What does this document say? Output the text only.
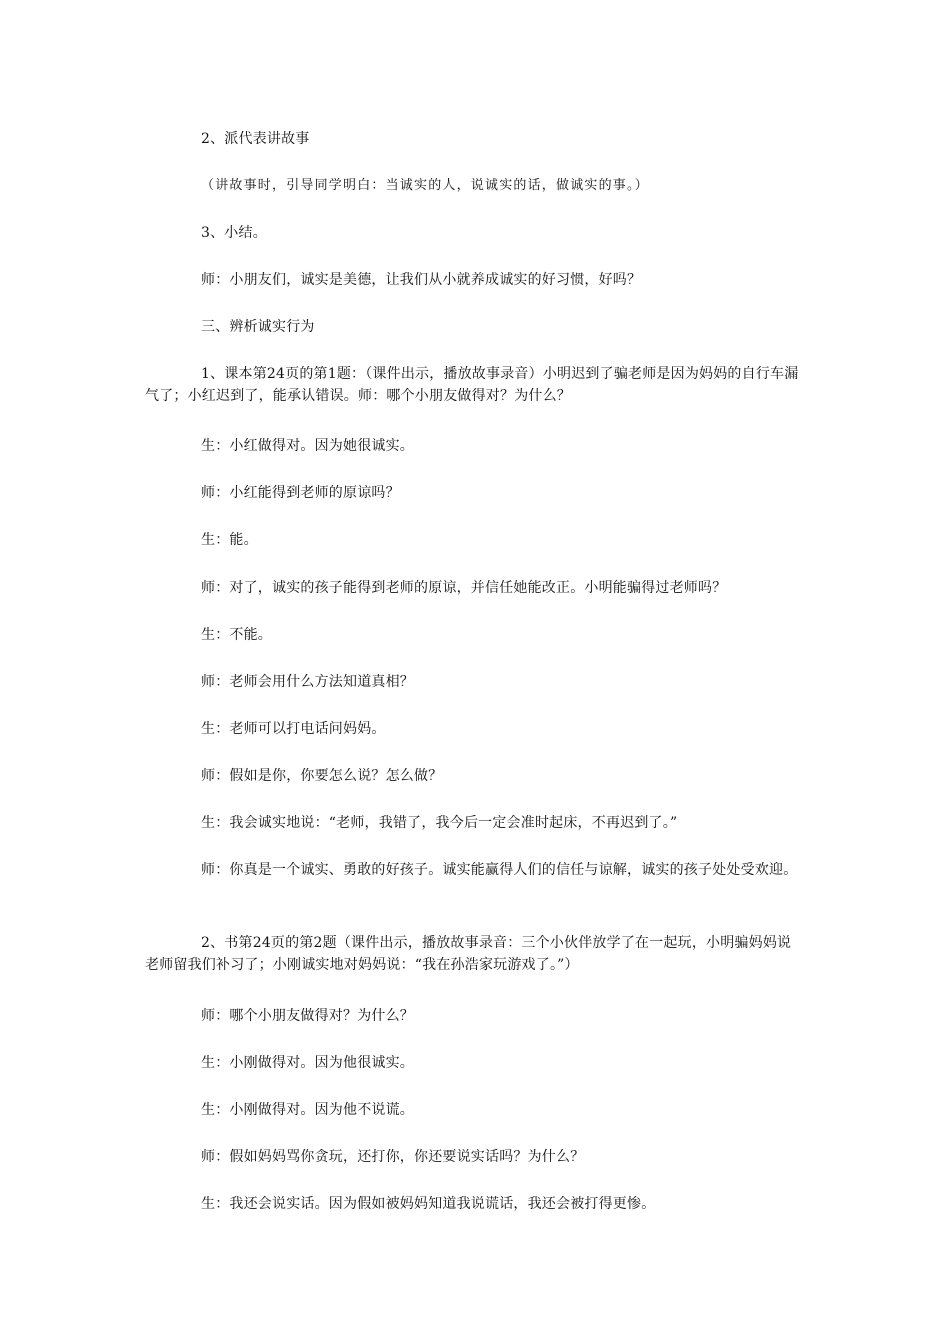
2、派代表讲故事

（讲故事时，引导同学明白：当诚实的人，说诚实的话，做诚实的事。）

3、小结。

师：小朋友们，诚实是美德，让我们从小就养成诚实的好习惯，好吗？

三、辨析诚实行为

1、课本第24页的第1题：（课件出示，播放故事录音）小明迟到了骗老师是因为妈妈的自行车漏气了；小红迟到了，能承认错误。师：哪个小朋友做得对？为什么？

生：小红做得对。因为她很诚实。

师：小红能得到老师的原谅吗？

生：能。

师：对了，诚实的孩子能得到老师的原谅，并信任她能改正。小明能骗得过老师吗？

生：不能。

师：老师会用什么方法知道真相？

生：老师可以打电话问妈妈。

师：假如是你，你要怎么说？怎么做？

生：我会诚实地说：“老师，我错了，我今后一定会准时起床，不再迟到了。”

师：你真是一个诚实、勇敢的好孩子。诚实能赢得人们的信任与谅解，诚实的孩子处处受欢迎。

2、书第24页的第2题（课件出示，播放故事录音：三个小伙伴放学了在一起玩，小明骗妈妈说老师留我们补习了；小刚诚实地对妈妈说：“我在孙浩家玩游戏了。”）

师：哪个小朋友做得对？为什么？

生：小刚做得对。因为他很诚实。

生：小刚做得对。因为他不说谎。

师：假如妈妈骂你贪玩，还打你，你还要说实话吗？为什么？

生：我还会说实话。因为假如被妈妈知道我说谎话，我还会被打得更惨。
